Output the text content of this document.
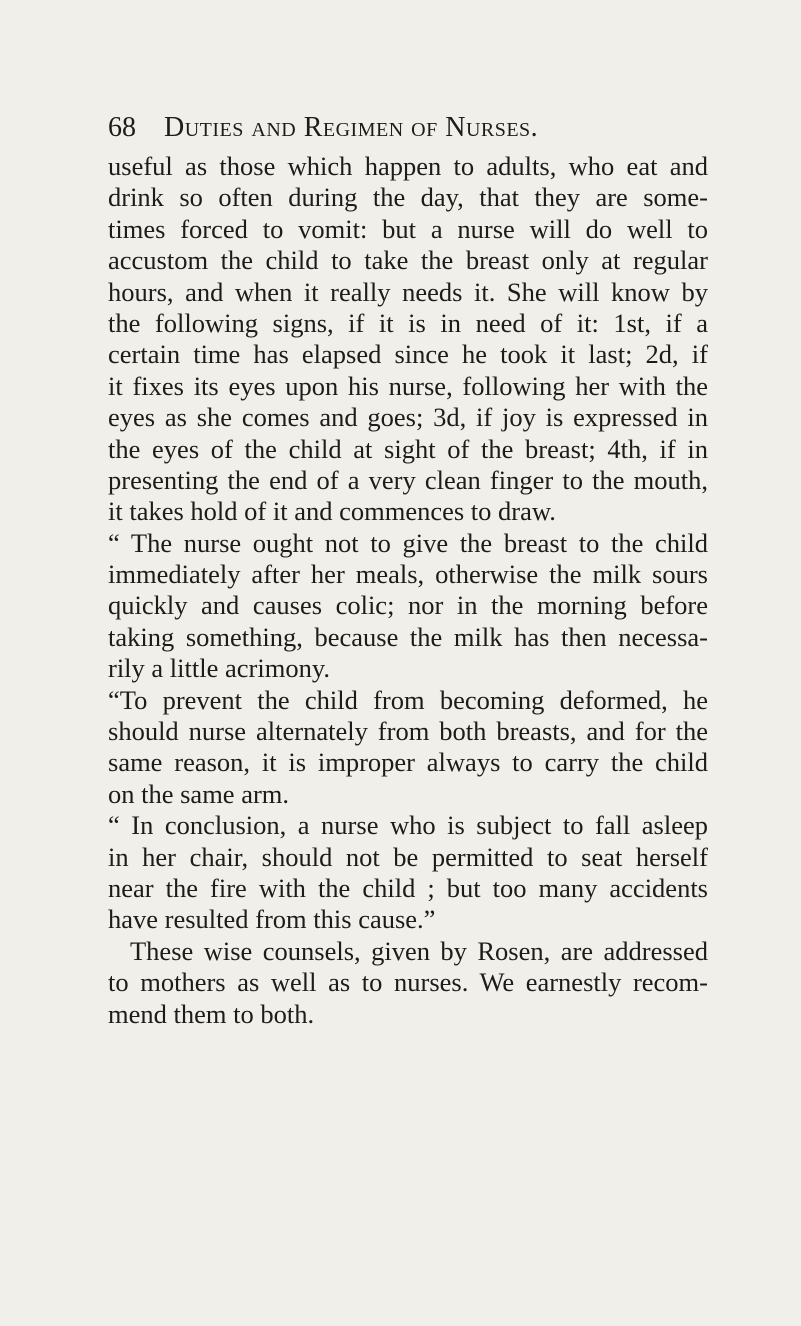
68 Duties and Regimen of Nurses.
useful as those which happen to adults, who eat and
drink so often during the day, that they are some-
times forced to vomit: but a nurse will do well to
accustom the child to take the breast only at regular
hours, and when it really needs it. She will know by
the following signs, if it is in need of it: 1st, if a
certain time has elapsed since he took it last; 2d, if
it fixes its eyes upon his nurse, following her with the
eyes as she comes and goes; 3d, if joy is expressed in
the eyes of the child at sight of the breast; 4th, if in
presenting the end of a very clean finger to the mouth,
it takes hold of it and commences to draw.
“ The nurse ought not to give the breast to the child
immediately after her meals, otherwise the milk sours
quickly and causes colic; nor in the morning before
taking something, because the milk has then necessa-
rily a little acrimony.
“To prevent the child from becoming deformed, he
should nurse alternately from both breasts, and for the
same reason, it is improper always to carry the child
on the same arm.
“ In conclusion, a nurse who is subject to fall asleep
in her chair, should not be permitted to seat herself
near the fire with the child ; but too many accidents
have resulted from this cause.”
These wise counsels, given by Rosen, are addressed
to mothers as well as to nurses. We earnestly recom-
mend them to both.
